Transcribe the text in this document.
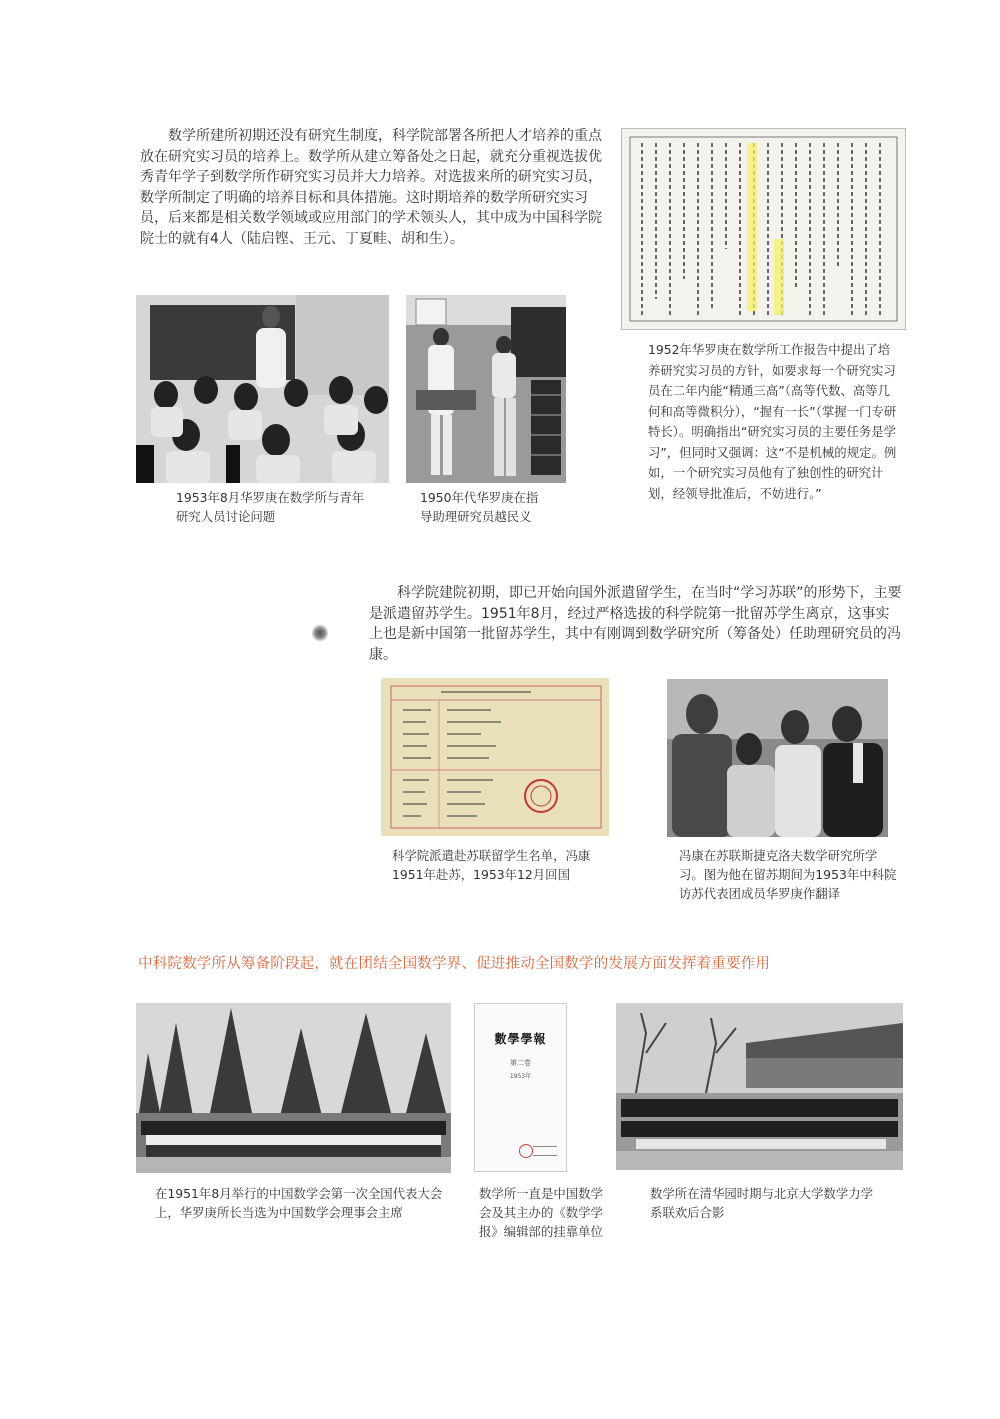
数学所建所初期还没有研究生制度，科学院部署各所把人才培养的重点放在研究实习员的培养上。数学所从建立筹备处之日起，就充分重视选拔优秀青年学子到数学所作研究实习员并大力培养。对选拔来所的研究实习员，数学所制定了明确的培养目标和具体措施。这时期培养的数学所研究实习员，后来都是相关数学领域或应用部门的学术领头人，其中成为中国科学院院士的就有4人（陆启铿、王元、丁夏畦、胡和生）。

1952年华罗庚在数学所工作报告中提出了培养研究实习员的方针，如要求每一个研究实习员在二年内能“精通三高”（高等代数、高等几何和高等微积分），“握有一长”（掌握一门专研特长）。明确指出“研究实习员的主要任务是学习”，但同时又强调：这“不是机械的规定。例如，一个研究实习员他有了独创性的研究计划，经领导批准后，不妨进行。”
1953年8月华罗庚在数学所与青年研究人员讨论问题
1950年代华罗庚在指导助理研究员越民义

科学院建院初期，即已开始向国外派遣留学生，在当时“学习苏联”的形势下，主要是派遣留苏学生。1951年8月，经过严格选拔的科学院第一批留苏学生离京，这事实上也是新中国第一批留苏学生，其中有刚调到数学研究所（筹备处）任助理研究员的冯康。

科学院派遣赴苏联留学生名单，冯康1951年赴苏，1953年12月回国
冯康在苏联斯捷克洛夫数学研究所学习。图为他在留苏期间为1953年中科院访苏代表团成员华罗庚作翻译
中科院数学所从筹备阶段起，就在团结全国数学界、促进推动全国数学的发展方面发挥着重要作用
在1951年8月举行的中国数学会第一次全国代表大会上，华罗庚所长当选为中国数学会理事会主席
數學學報
第二卷
1953年
数学所一直是中国数学会及其主办的《数学学报》编辑部的挂靠单位
数学所在清华园时期与北京大学数学力学系联欢后合影
